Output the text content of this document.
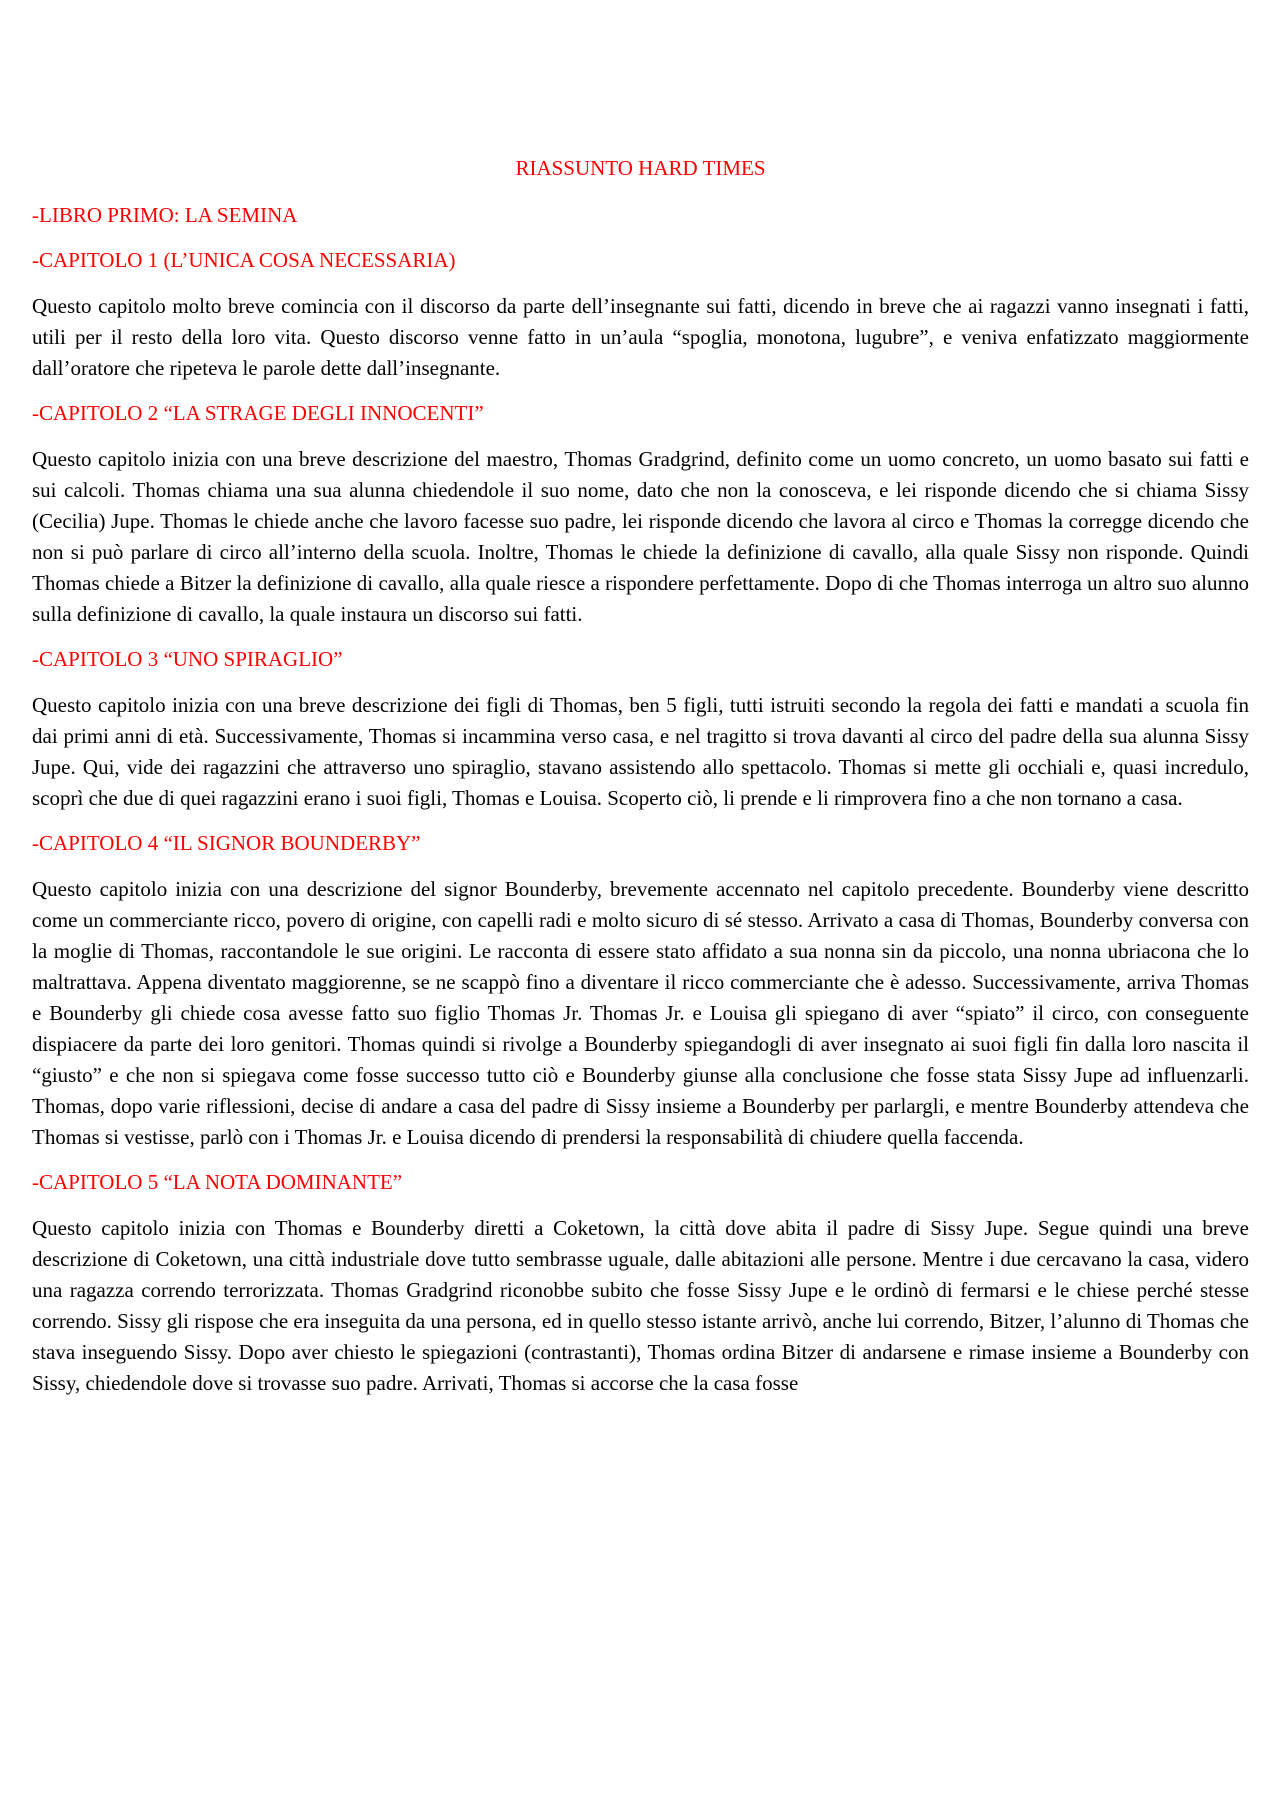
RIASSUNTO HARD TIMES
-LIBRO PRIMO: LA SEMINA
-CAPITOLO 1 (L’UNICA COSA NECESSARIA)
Questo capitolo molto breve comincia con il discorso da parte dell’insegnante sui fatti, dicendo in breve che ai ragazzi vanno insegnati i fatti, utili per il resto della loro vita. Questo discorso venne fatto in un’aula “spoglia, monotona, lugubre”, e veniva enfatizzato maggiormente dall’oratore che ripeteva le parole dette dall’insegnante.
-CAPITOLO 2 “LA STRAGE DEGLI INNOCENTI”
Questo capitolo inizia con una breve descrizione del maestro, Thomas Gradgrind, definito come un uomo concreto, un uomo basato sui fatti e sui calcoli. Thomas chiama una sua alunna chiedendole il suo nome, dato che non la conosceva, e lei risponde dicendo che si chiama Sissy (Cecilia) Jupe. Thomas le chiede anche che lavoro facesse suo padre, lei risponde dicendo che lavora al circo e Thomas la corregge dicendo che non si può parlare di circo all’interno della scuola. Inoltre, Thomas le chiede la definizione di cavallo, alla quale Sissy non risponde. Quindi Thomas chiede a Bitzer la definizione di cavallo, alla quale riesce a rispondere perfettamente. Dopo di che Thomas interroga un altro suo alunno sulla definizione di cavallo, la quale instaura un discorso sui fatti.
-CAPITOLO 3 “UNO SPIRAGLIO”
Questo capitolo inizia con una breve descrizione dei figli di Thomas, ben 5 figli, tutti istruiti secondo la regola dei fatti e mandati a scuola fin dai primi anni di età. Successivamente, Thomas si incammina verso casa, e nel tragitto si trova davanti al circo del padre della sua alunna Sissy Jupe. Qui, vide dei ragazzini che attraverso uno spiraglio, stavano assistendo allo spettacolo. Thomas si mette gli occhiali e, quasi incredulo, scoprì che due di quei ragazzini erano i suoi figli, Thomas e Louisa. Scoperto ciò, li prende e li rimprovera fino a che non tornano a casa.
-CAPITOLO 4 “IL SIGNOR BOUNDERBY”
Questo capitolo inizia con una descrizione del signor Bounderby, brevemente accennato nel capitolo precedente. Bounderby viene descritto come un commerciante ricco, povero di origine, con capelli radi e molto sicuro di sé stesso. Arrivato a casa di Thomas, Bounderby conversa con la moglie di Thomas, raccontandole le sue origini. Le racconta di essere stato affidato a sua nonna sin da piccolo, una nonna ubriacona che lo maltrattava. Appena diventato maggiorenne, se ne scappò fino a diventare il ricco commerciante che è adesso. Successivamente, arriva Thomas e Bounderby gli chiede cosa avesse fatto suo figlio Thomas Jr. Thomas Jr. e Louisa gli spiegano di aver “spiato” il circo, con conseguente dispiacere da parte dei loro genitori. Thomas quindi si rivolge a Bounderby spiegandogli di aver insegnato ai suoi figli fin dalla loro nascita il “giusto” e che non si spiegava come fosse successo tutto ciò e Bounderby giunse alla conclusione che fosse stata Sissy Jupe ad influenzarli. Thomas, dopo varie riflessioni, decise di andare a casa del padre di Sissy insieme a Bounderby per parlargli, e mentre Bounderby attendeva che Thomas si vestisse, parlò con i Thomas Jr. e Louisa dicendo di prendersi la responsabilità di chiudere quella faccenda.
-CAPITOLO 5 “LA NOTA DOMINANTE”
Questo capitolo inizia con Thomas e Bounderby diretti a Coketown, la città dove abita il padre di Sissy Jupe. Segue quindi una breve descrizione di Coketown, una città industriale dove tutto sembrasse uguale, dalle abitazioni alle persone. Mentre i due cercavano la casa, videro una ragazza correndo terrorizzata. Thomas Gradgrind riconobbe subito che fosse Sissy Jupe e le ordinò di fermarsi e le chiese perché stesse correndo. Sissy gli rispose che era inseguita da una persona, ed in quello stesso istante arrivò, anche lui correndo, Bitzer, l’alunno di Thomas che stava inseguendo Sissy. Dopo aver chiesto le spiegazioni (contrastanti), Thomas ordina Bitzer di andarsene e rimase insieme a Bounderby con Sissy, chiedendole dove si trovasse suo padre. Arrivati, Thomas si accorse che la casa fosse
